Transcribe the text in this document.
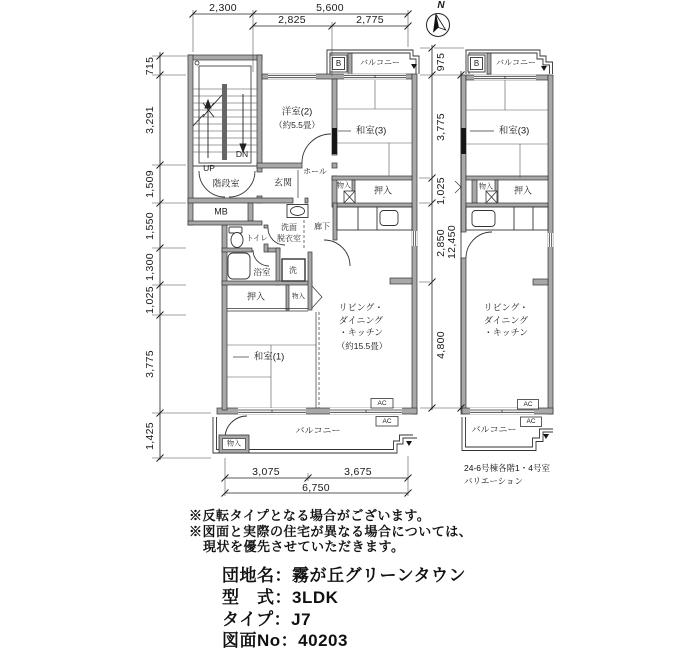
N
2,300	5,600
2,825	2,775
715
3,291
1,509
1,550
1,300
1,025
3,775
1,425
975
3,775
1,025
2,850
4,800
12,450
3,075	3,675
6,750
階段室
UP
DN
MB
玄関
ホール
洋室(2)
（約5.5畳）
和室(3)
物入	押入
廊下
トイレ
洗面
脱衣室
浴室 洗
押入	物入
和室(1)
リビング・
ダイニング
・キッチン
（約15.5畳）
B バルコニー
AC
AC
バルコニー
物入
B バルコニー
和室(3)
物入 押入
リビング・
ダイニング
・キッチン
AC
AC
バルコニー
24-6号棟各階1・4号室
バリエーション
※反転タイプとなる場合がございます。
※図面と実際の住宅が異なる場合については、
現状を優先させていただきます。
団地名：霧が丘グリーンタウン
型　式：3LDK
タイプ：J7
図面No：40203
